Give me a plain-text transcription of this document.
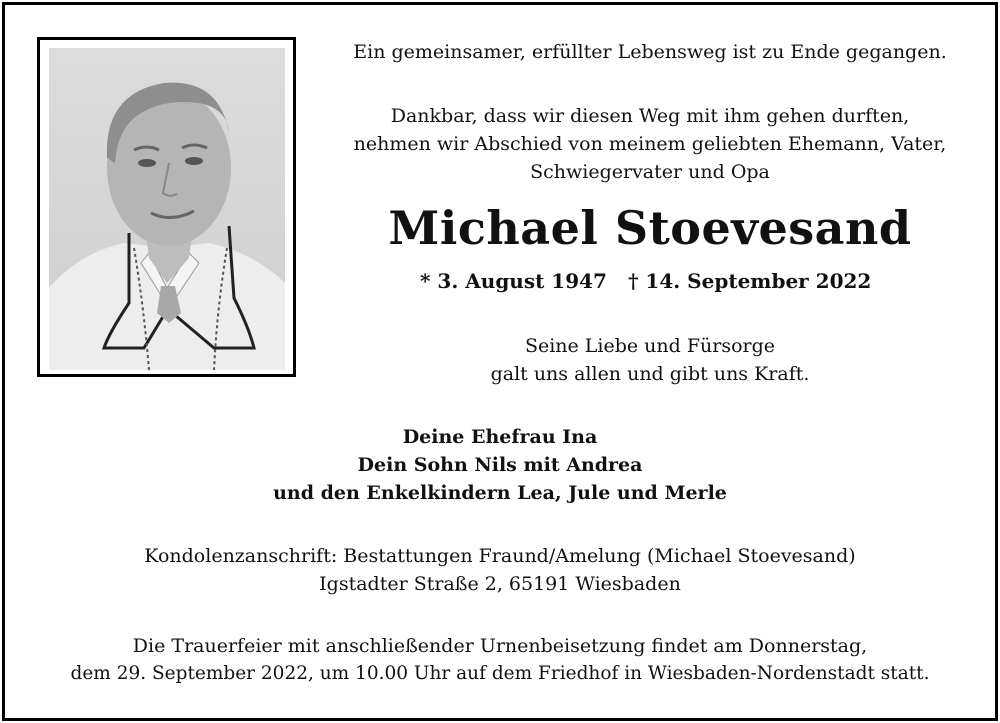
Ein gemeinsamer, erfüllter Lebensweg ist zu Ende gegangen.
Dankbar, dass wir diesen Weg mit ihm gehen durften,
nehmen wir Abschied von meinem geliebten Ehemann, Vater,
Schwiegervater und Opa
Michael Stoevesand
* 3. August 1947 † 14. September 2022
Seine Liebe und Fürsorge
galt uns allen und gibt uns Kraft.
Deine Ehefrau Ina
Dein Sohn Nils mit Andrea
und den Enkelkindern Lea, Jule und Merle
Kondolenzanschrift: Bestattungen Fraund/Amelung (Michael Stoevesand)
Igstadter Straße 2, 65191 Wiesbaden
Die Trauerfeier mit anschließender Urnenbeisetzung findet am Donnerstag,
dem 29. September 2022, um 10.00 Uhr auf dem Friedhof in Wiesbaden-Nordenstadt statt.
